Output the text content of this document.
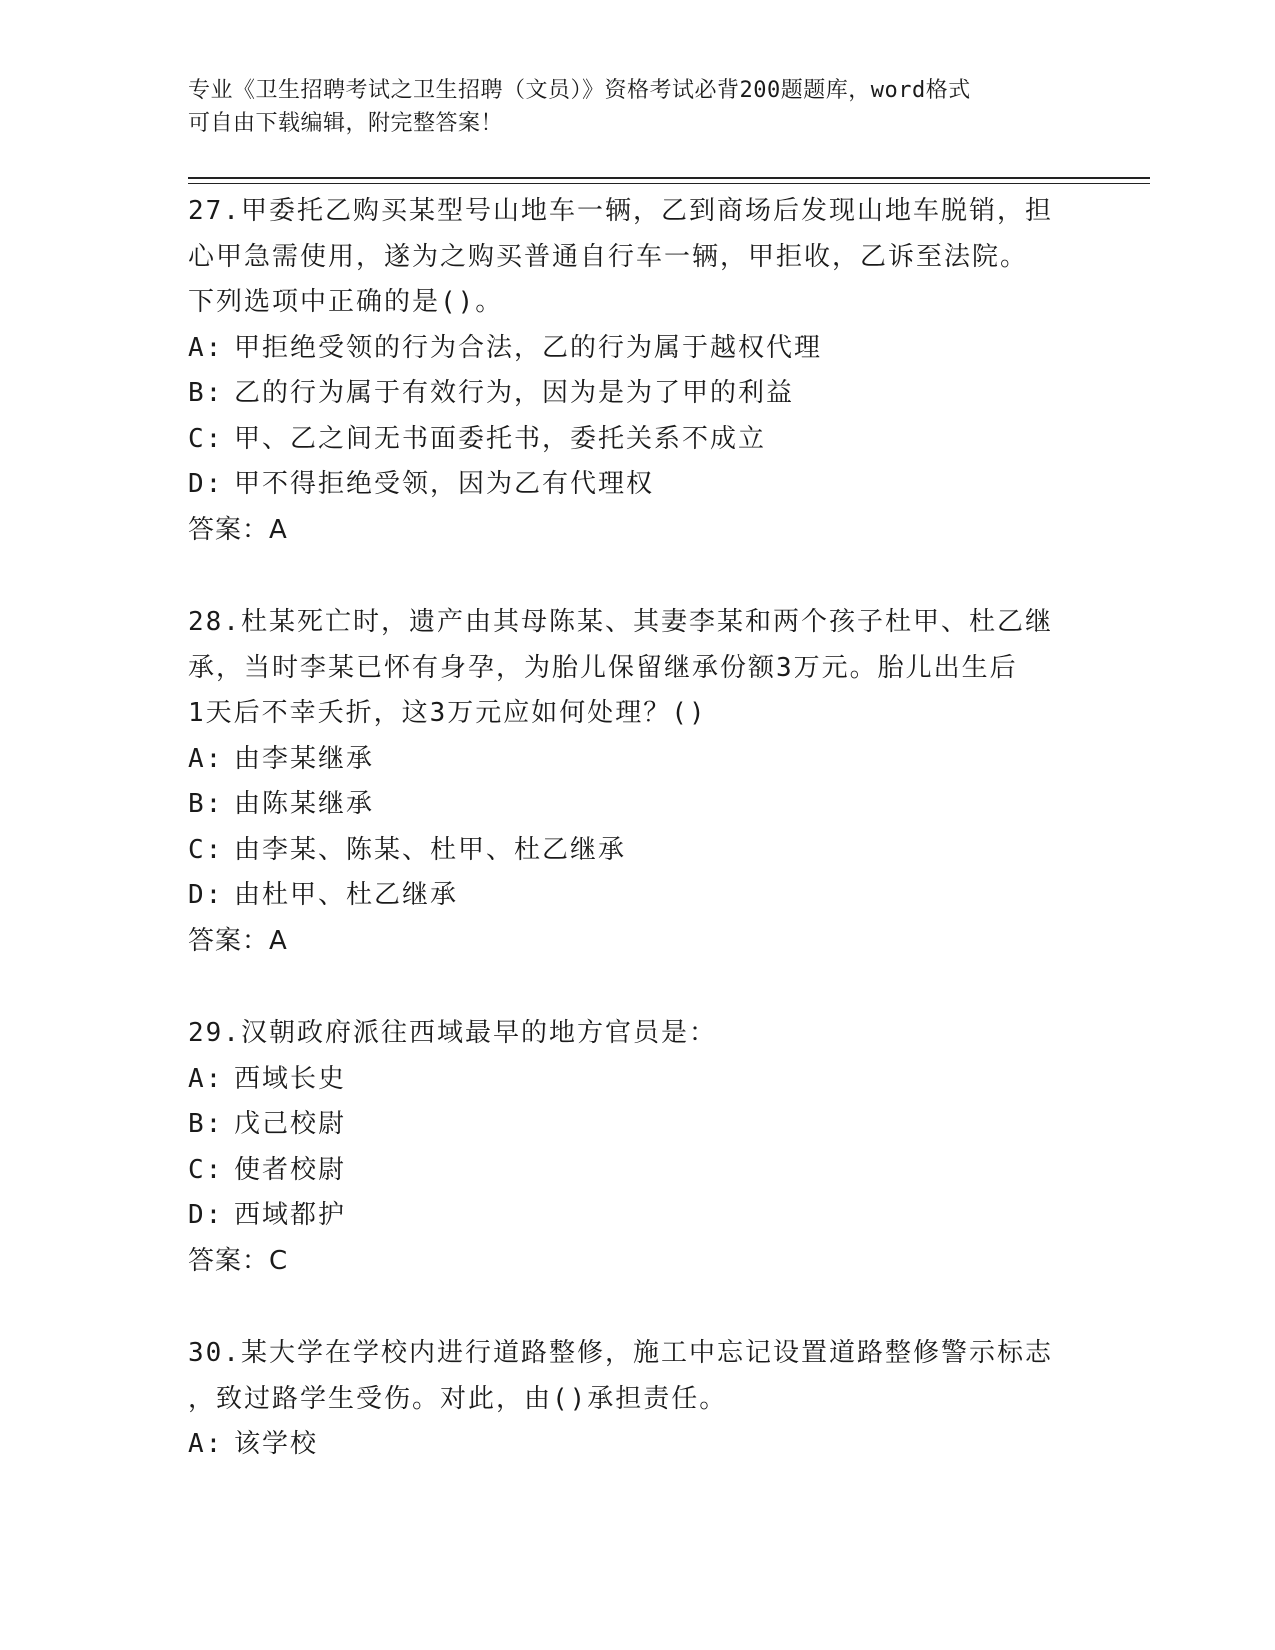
专业《卫生招聘考试之卫生招聘（文员）》资格考试必背200题题库，word格式
可自由下载编辑，附完整答案！
27.甲委托乙购买某型号山地车一辆，乙到商场后发现山地车脱销，担
心甲急需使用，遂为之购买普通自行车一辆，甲拒收，乙诉至法院。
下列选项中正确的是()。
A: 甲拒绝受领的行为合法，乙的行为属于越权代理
B: 乙的行为属于有效行为，因为是为了甲的利益
C: 甲、乙之间无书面委托书，委托关系不成立
D: 甲不得拒绝受领，因为乙有代理权
答案：A
28.杜某死亡时，遗产由其母陈某、其妻李某和两个孩子杜甲、杜乙继
承，当时李某已怀有身孕，为胎儿保留继承份额3万元。胎儿出生后
1天后不幸夭折，这3万元应如何处理？()
A: 由李某继承
B: 由陈某继承
C: 由李某、陈某、杜甲、杜乙继承
D: 由杜甲、杜乙继承
答案：A
29.汉朝政府派往西域最早的地方官员是：
A: 西域长史
B: 戊己校尉
C: 使者校尉
D: 西域都护
答案：C
30.某大学在学校内进行道路整修，施工中忘记设置道路整修警示标志
，致过路学生受伤。对此，由()承担责任。
A: 该学校
